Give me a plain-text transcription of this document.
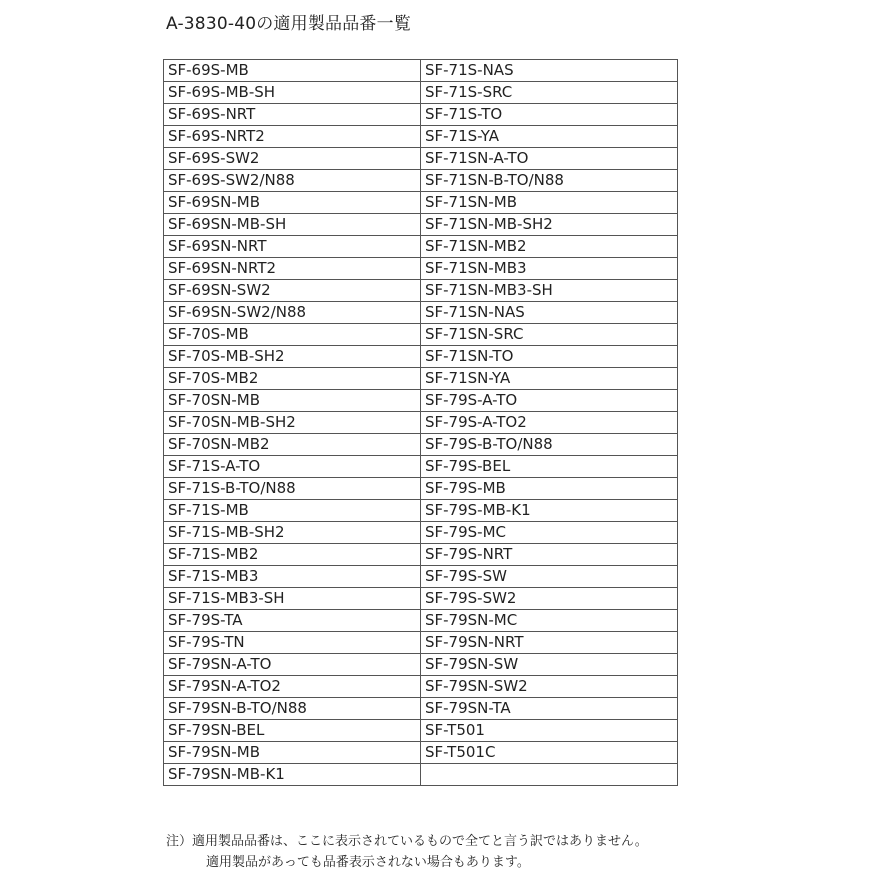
A-3830-40の適用製品品番一覧
SF-69S-MB	SF-71S-NAS
SF-69S-MB-SH	SF-71S-SRC
SF-69S-NRT	SF-71S-TO
SF-69S-NRT2	SF-71S-YA
SF-69S-SW2	SF-71SN-A-TO
SF-69S-SW2/N88	SF-71SN-B-TO/N88
SF-69SN-MB	SF-71SN-MB
SF-69SN-MB-SH	SF-71SN-MB-SH2
SF-69SN-NRT	SF-71SN-MB2
SF-69SN-NRT2	SF-71SN-MB3
SF-69SN-SW2	SF-71SN-MB3-SH
SF-69SN-SW2/N88	SF-71SN-NAS
SF-70S-MB	SF-71SN-SRC
SF-70S-MB-SH2	SF-71SN-TO
SF-70S-MB2	SF-71SN-YA
SF-70SN-MB	SF-79S-A-TO
SF-70SN-MB-SH2	SF-79S-A-TO2
SF-70SN-MB2	SF-79S-B-TO/N88
SF-71S-A-TO	SF-79S-BEL
SF-71S-B-TO/N88	SF-79S-MB
SF-71S-MB	SF-79S-MB-K1
SF-71S-MB-SH2	SF-79S-MC
SF-71S-MB2	SF-79S-NRT
SF-71S-MB3	SF-79S-SW
SF-71S-MB3-SH	SF-79S-SW2
SF-79S-TA	SF-79SN-MC
SF-79S-TN	SF-79SN-NRT
SF-79SN-A-TO	SF-79SN-SW
SF-79SN-A-TO2	SF-79SN-SW2
SF-79SN-B-TO/N88	SF-79SN-TA
SF-79SN-BEL	SF-T501
SF-79SN-MB	SF-T501C
SF-79SN-MB-K1	
注）適用製品品番は、ここに表示されているもので全てと言う訳ではありません。
適用製品があっても品番表示されない場合もあります。
